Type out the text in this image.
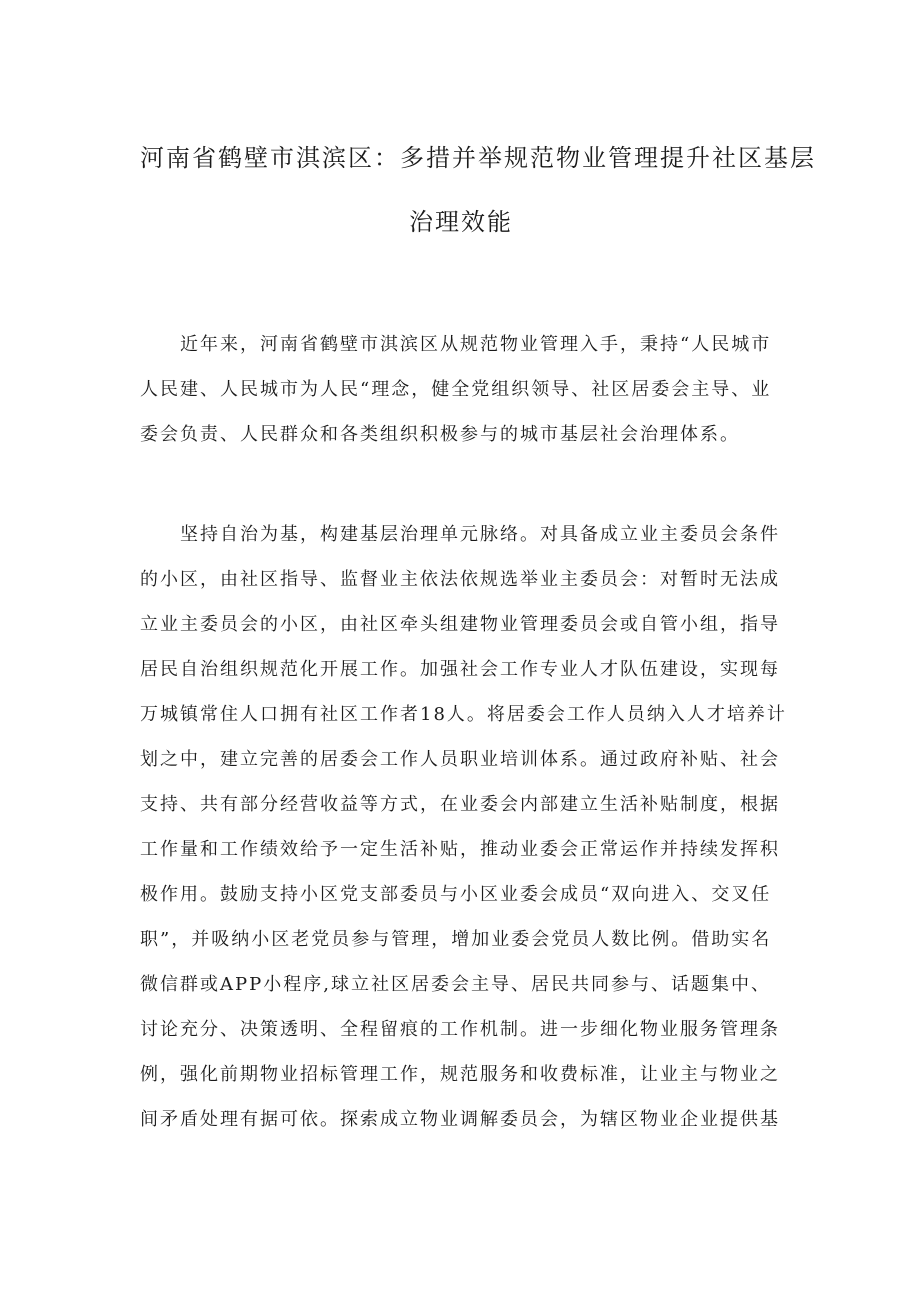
河南省鹤壁市淇滨区：多措并举规范物业管理提升社区基层
治理效能
近年来，河南省鹤壁市淇滨区从规范物业管理入手，秉持“人民城市
人民建、人民城市为人民“理念，健全党组织领导、社区居委会主导、业
委会负责、人民群众和各类组织积极参与的城市基层社会治理体系。
坚持自治为基，构建基层治理单元脉络。对具备成立业主委员会条件
的小区，由社区指导、监督业主依法依规选举业主委员会：对暂时无法成
立业主委员会的小区，由社区牵头组建物业管理委员会或自管小组，指导
居民自治组织规范化开展工作。加强社会工作专业人才队伍建设，实现每
万城镇常住人口拥有社区工作者18人。将居委会工作人员纳入人才培养计
划之中，建立完善的居委会工作人员职业培训体系。通过政府补贴、社会
支持、共有部分经营收益等方式，在业委会内部建立生活补贴制度，根据
工作量和工作绩效给予一定生活补贴，推动业委会正常运作并持续发挥积
极作用。鼓励支持小区党支部委员与小区业委会成员“双向进入、交叉任
职”，并吸纳小区老党员参与管理，增加业委会党员人数比例。借助实名
微信群或APP小程序,球立社区居委会主导、居民共同参与、话题集中、
讨论充分、决策透明、全程留痕的工作机制。进一步细化物业服务管理条
例，强化前期物业招标管理工作，规范服务和收费标准，让业主与物业之
间矛盾处理有据可依。探索成立物业调解委员会，为辖区物业企业提供基
